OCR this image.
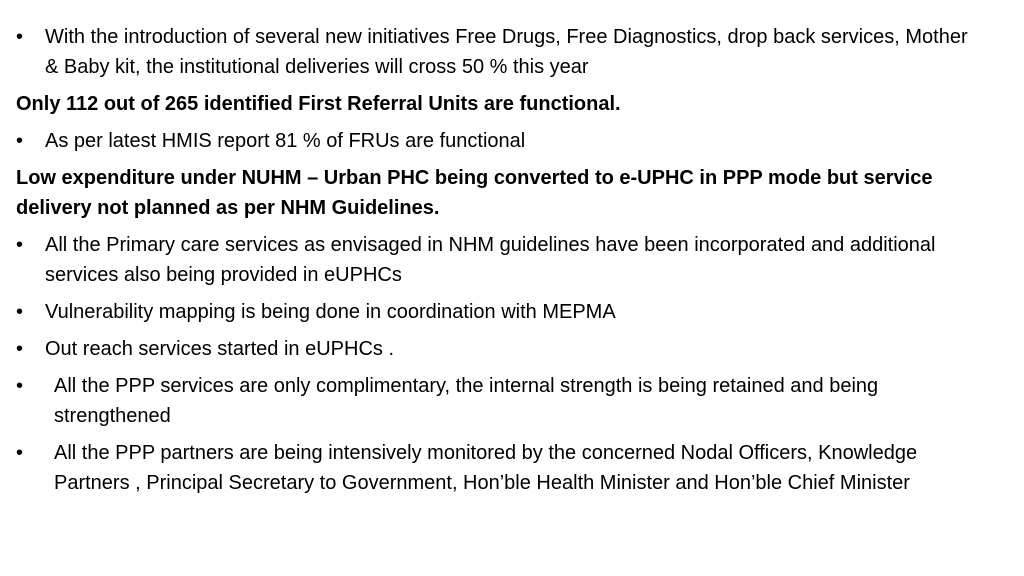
•	With the introduction of several new initiatives Free Drugs, Free Diagnostics, drop back services, Mother & Baby kit, the institutional deliveries will cross 50 % this year
Only 112 out of 265 identified First Referral Units are functional.
•	As per latest HMIS report 81 % of FRUs are functional
Low expenditure under NUHM – Urban PHC being converted to e-UPHC in PPP mode but service delivery not planned as per NHM Guidelines.
•	All the Primary care services as envisaged in NHM guidelines have been incorporated and additional services also being provided in eUPHCs
•	Vulnerability mapping is being done in coordination with MEPMA
•	Out reach services started in eUPHCs .
•	All the PPP services are only complimentary, the internal strength is being retained and being strengthened
•	All the PPP partners are being intensively monitored by the concerned Nodal Officers, Knowledge Partners , Principal Secretary to Government, Hon’ble Health Minister and Hon’ble Chief Minister
